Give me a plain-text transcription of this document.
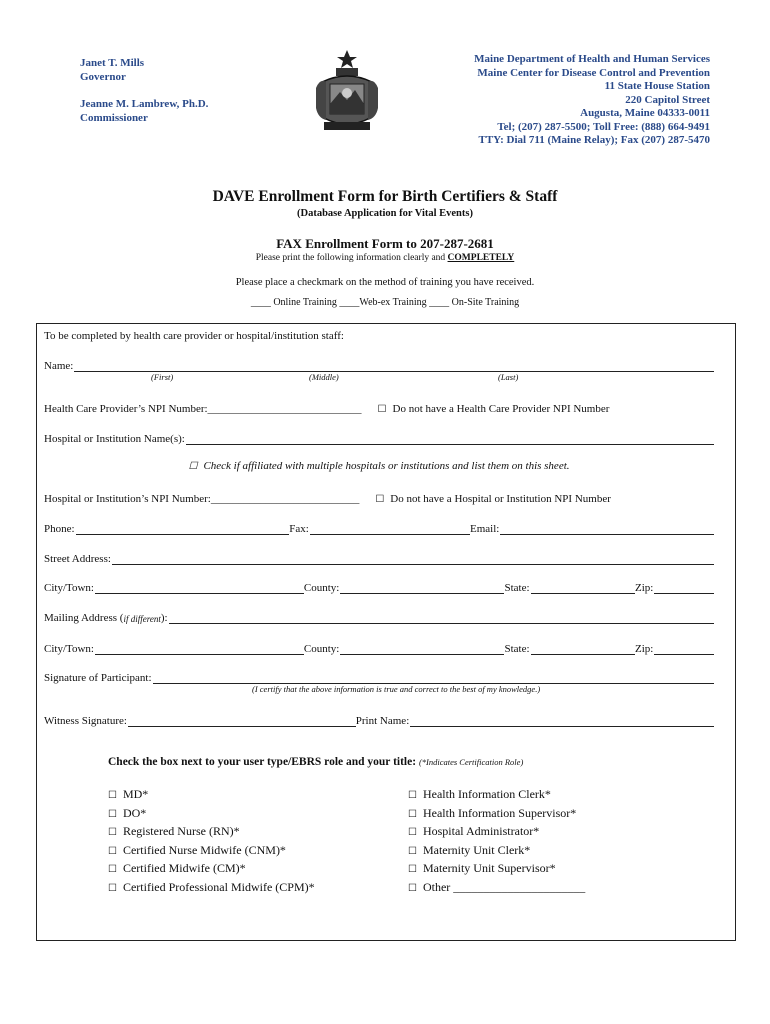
Janet T. Mills
Governor
Jeanne M. Lambrew, Ph.D.
Commissioner
Maine Department of Health and Human Services
Maine Center for Disease Control and Prevention
11 State House Station
220 Capitol Street
Augusta, Maine 04333-0011
Tel; (207) 287-5500; Toll Free: (888) 664-9491
TTY: Dial 711 (Maine Relay); Fax (207) 287-5470
DAVE Enrollment Form for Birth Certifiers & Staff
(Database Application for Vital Events)
FAX Enrollment Form to 207-287-2681
Please print the following information clearly and COMPLETELY
Please place a checkmark on the method of training you have received.
____ Online Training ____Web-ex Training ____ On-Site Training
To be completed by health care provider or hospital/institution staff:
Name:
(First)	(Middle)	(Last)
Health Care Provider’s NPI Number:____________________________ ☐ Do not have a Health Care Provider NPI Number
Hospital or Institution Name(s):
☐ Check if affiliated with multiple hospitals or institutions and list them on this sheet.
Hospital or Institution’s NPI Number:___________________________ ☐ Do not have a Hospital or Institution NPI Number
Phone:	Fax:	Email:
Street Address:
City/Town:	County:	State:	Zip:
Mailing Address ( if different ):
City/Town:	County:	State:	Zip:
Signature of Participant:
(I certify that the above information is true and correct to the best of my knowledge.)
Witness Signature:	Print Name:
Check the box next to your user type/EBRS role and your title: (*Indicates Certification Role)
☐ MD*
☐ DO*
☐ Registered Nurse (RN)*
☐ Certified Nurse Midwife (CNM)*
☐ Certified Midwife (CM)*
☐ Certified Professional Midwife (CPM)*
☐ Health Information Clerk*
☐ Health Information Supervisor*
☐ Hospital Administrator*
☐ Maternity Unit Clerk*
☐ Maternity Unit Supervisor*
☐ Other ______________________
